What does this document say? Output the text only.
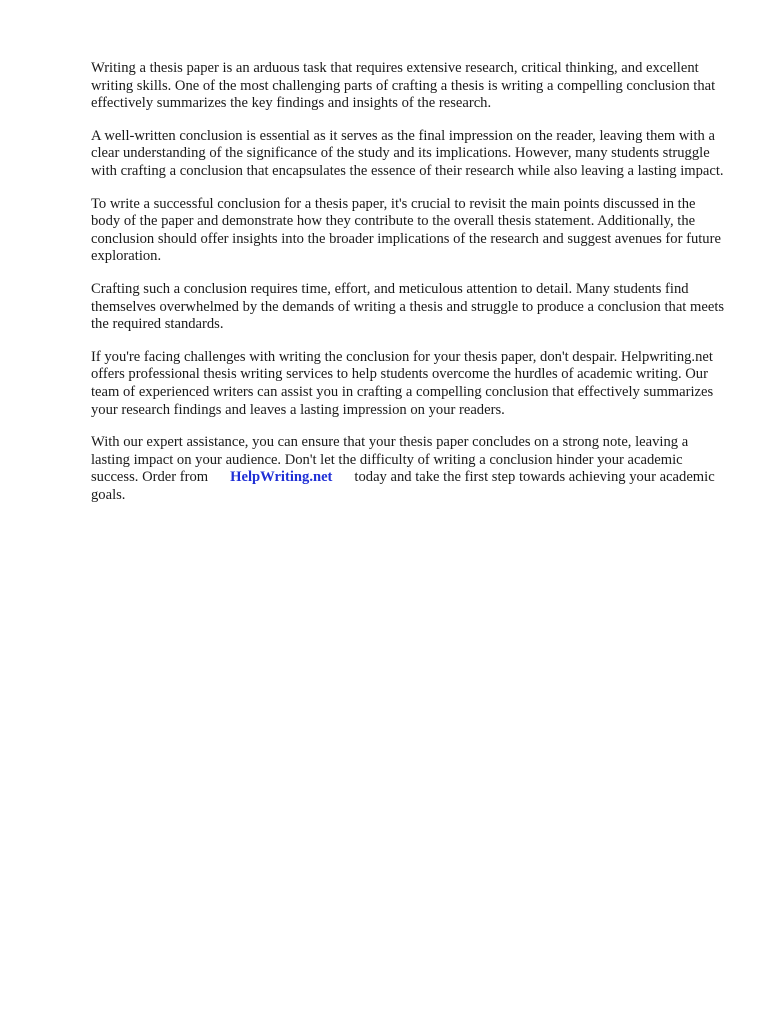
Writing a thesis paper is an arduous task that requires extensive research, critical thinking, and excellent writing skills. One of the most challenging parts of crafting a thesis is writing a compelling conclusion that effectively summarizes the key findings and insights of the research.

A well-written conclusion is essential as it serves as the final impression on the reader, leaving them with a clear understanding of the significance of the study and its implications. However, many students struggle with crafting a conclusion that encapsulates the essence of their research while also leaving a lasting impact.

To write a successful conclusion for a thesis paper, it's crucial to revisit the main points discussed in the body of the paper and demonstrate how they contribute to the overall thesis statement. Additionally, the conclusion should offer insights into the broader implications of the research and suggest avenues for future exploration.

Crafting such a conclusion requires time, effort, and meticulous attention to detail. Many students find themselves overwhelmed by the demands of writing a thesis and struggle to produce a conclusion that meets the required standards.

If you're facing challenges with writing the conclusion for your thesis paper, don't despair. Helpwriting.net offers professional thesis writing services to help students overcome the hurdles of academic writing. Our team of experienced writers can assist you in crafting a compelling conclusion that effectively summarizes your research findings and leaves a lasting impression on your readers.

With our expert assistance, you can ensure that your thesis paper concludes on a strong note, leaving a lasting impact on your audience. Don't let the difficulty of writing a conclusion hinder your academic success. Order from HelpWriting.net today and take the first step towards achieving your academic goals.
